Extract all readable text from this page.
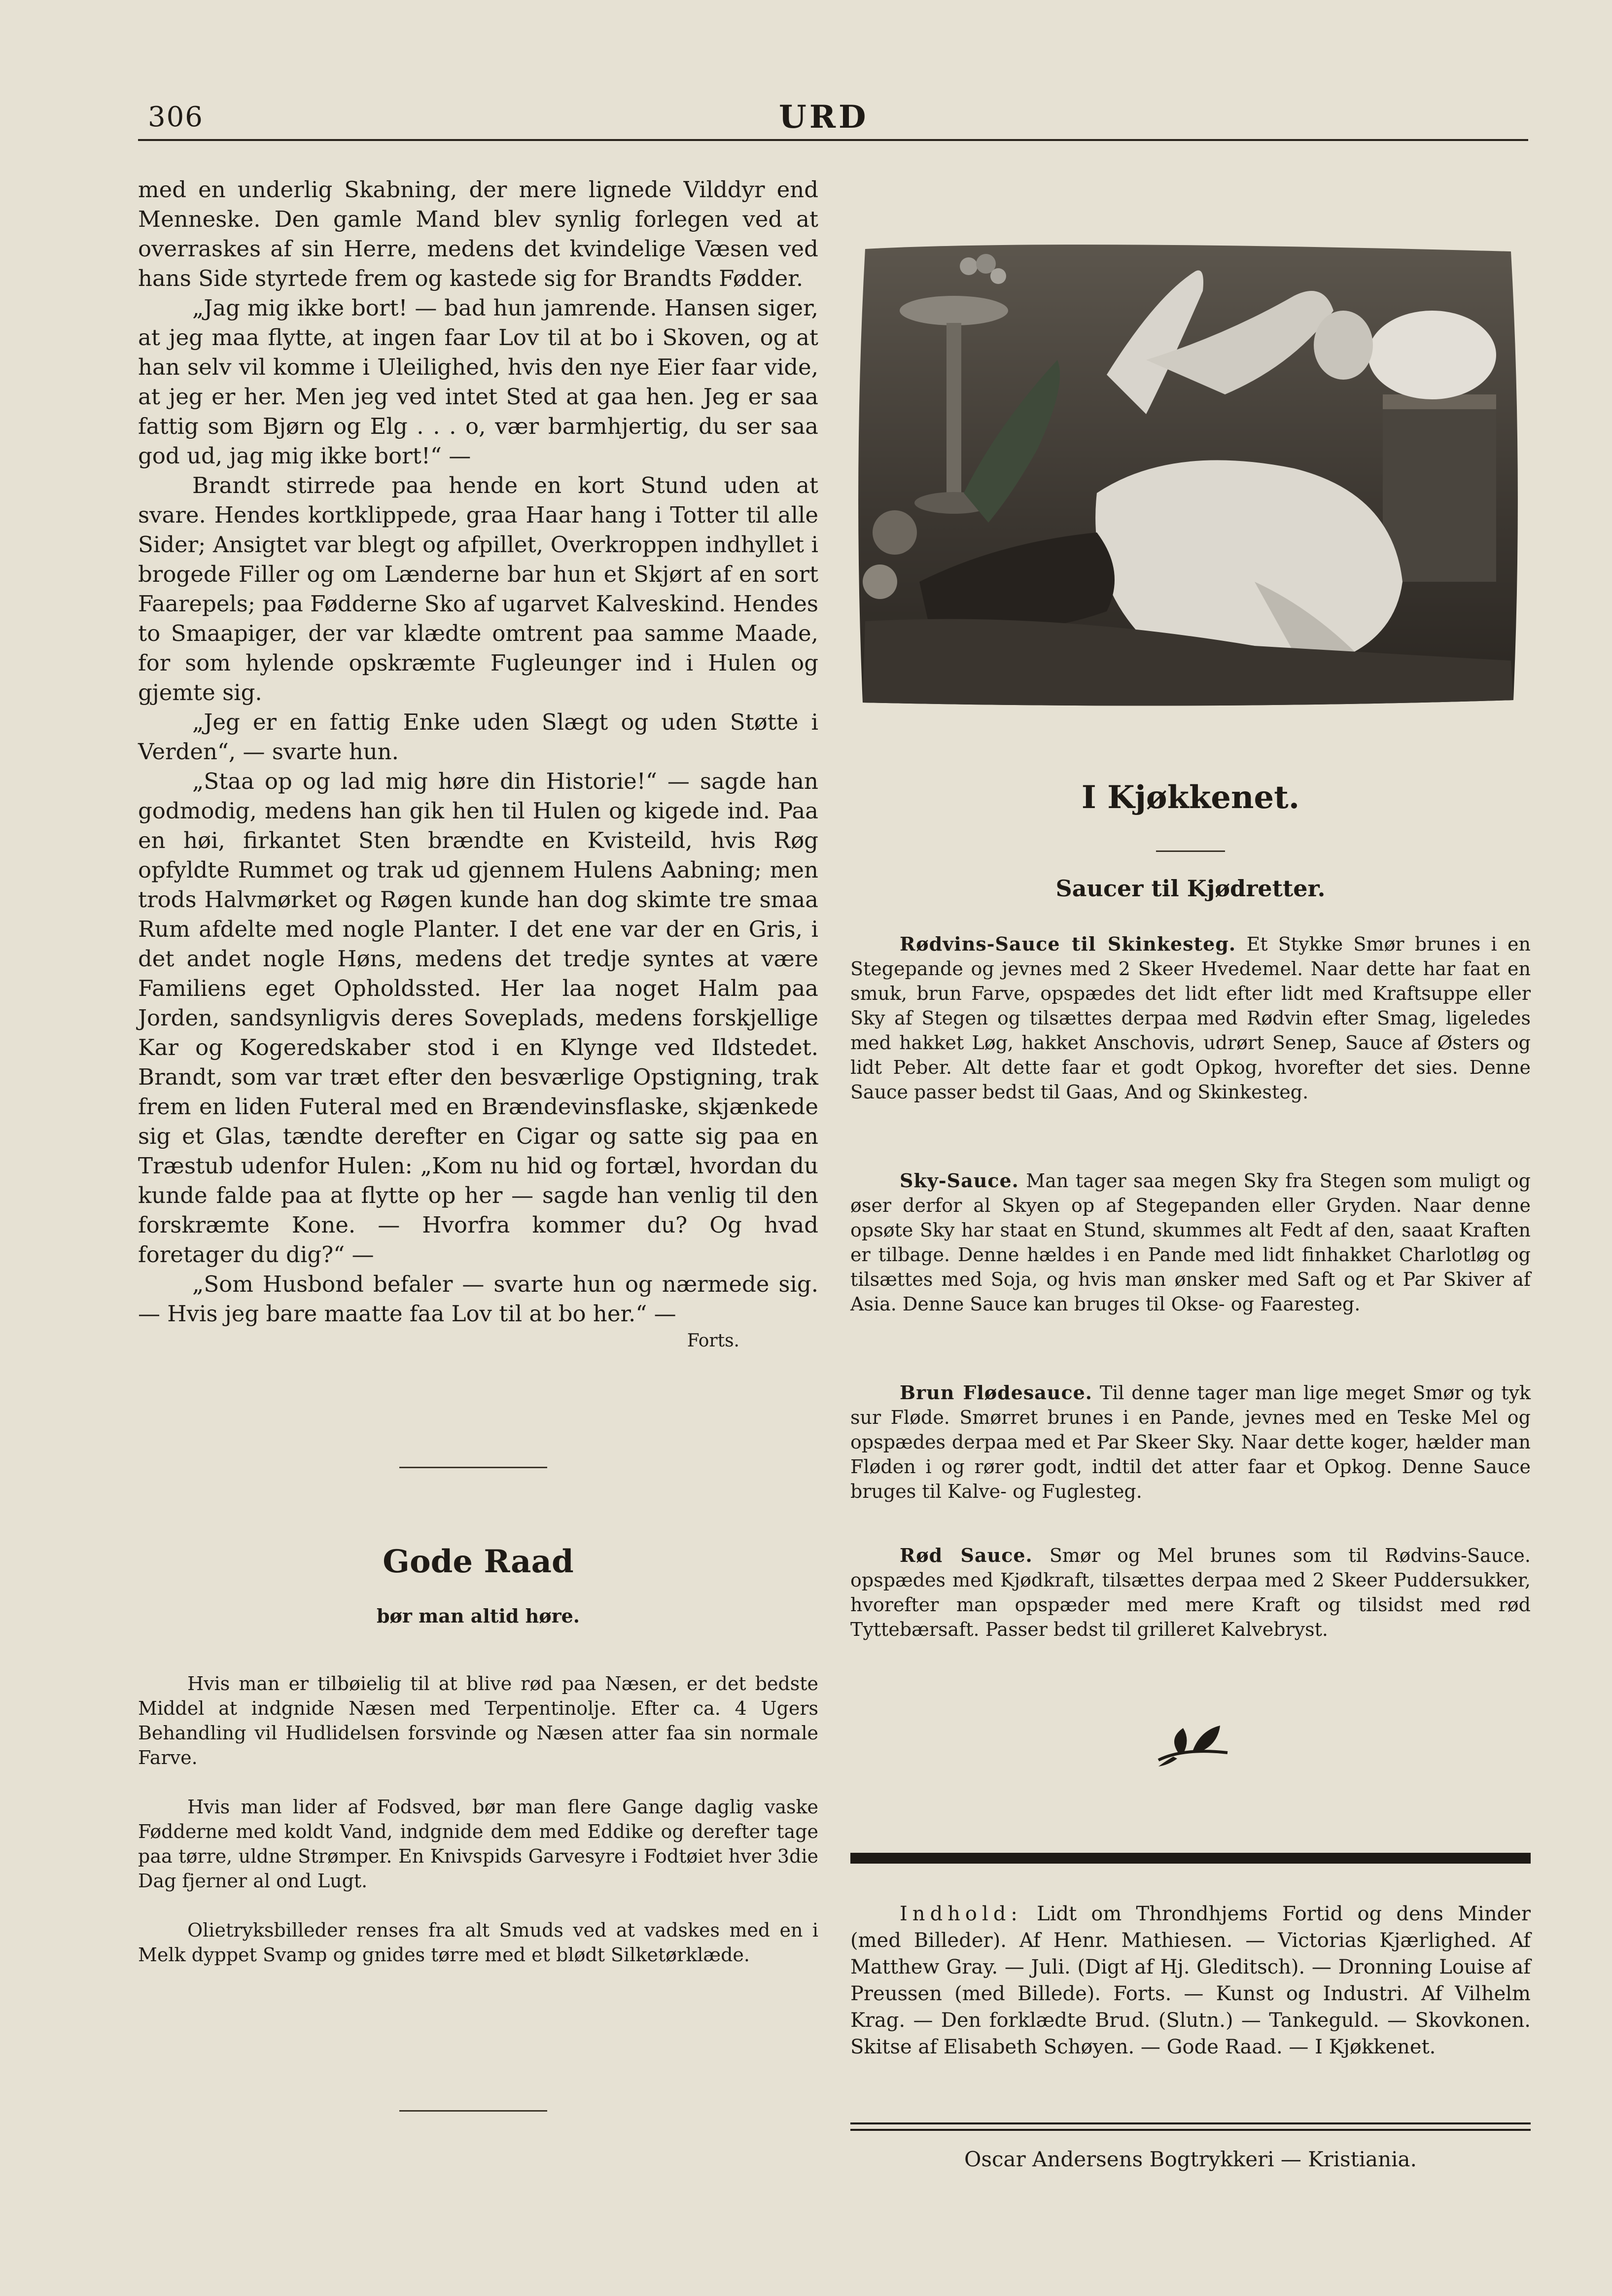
306	URD

med en underlig Skabning, der mere lignede Vilddyr end Menneske. Den gamle Mand blev synlig forlegen ved at overraskes af sin Herre, medens det kvindelige Væsen ved hans Side styrtede frem og kastede sig for Brandts Fødder.

„Jag mig ikke bort! — bad hun jamrende. Hansen siger, at jeg maa flytte, at ingen faar Lov til at bo i Skoven, og at han selv vil komme i Uleilighed, hvis den nye Eier faar vide, at jeg er her. Men jeg ved intet Sted at gaa hen. Jeg er saa fattig som Bjørn og Elg . . . o, vær barmhjertig, du ser saa god ud, jag mig ikke bort!“ —

Brandt stirrede paa hende en kort Stund uden at svare. Hendes kortklippede, graa Haar hang i Totter til alle Sider; Ansigtet var blegt og afpillet, Overkroppen indhyllet i brogede Filler og om Lænderne bar hun et Skjørt af en sort Faarepels; paa Fødderne Sko af ugarvet Kalveskind. Hendes to Smaapiger, der var klædte omtrent paa samme Maade, for som hylende opskræmte Fugleunger ind i Hulen og gjemte sig.

„Jeg er en fattig Enke uden Slægt og uden Støtte i Verden“, — svarte hun.

„Staa op og lad mig høre din Historie!“ — sagde han godmodig, medens han gik hen til Hulen og kigede ind. Paa en høi, firkantet Sten brændte en Kvisteild, hvis Røg opfyldte Rummet og trak ud gjennem Hulens Aabning; men trods Halvmørket og Røgen kunde han dog skimte tre smaa Rum afdelte med nogle Planter. I det ene var der en Gris, i det andet nogle Høns, medens det tredje syntes at være Familiens eget Opholdssted. Her laa noget Halm paa Jorden, sandsynligvis deres Soveplads, medens forskjellige Kar og Kogeredskaber stod i en Klynge ved Ildstedet. Brandt, som var træt efter den besværlige Opstigning, trak frem en liden Futeral med en Brændevinsflaske, skjænkede sig et Glas, tændte derefter en Cigar og satte sig paa en Træstub udenfor Hulen: „Kom nu hid og fortæl, hvordan du kunde falde paa at flytte op her — sagde han venlig til den forskræmte Kone. — Hvorfra kommer du? Og hvad foretager du dig?“ —

„Som Husbond befaler — svarte hun og nærmede sig. — Hvis jeg bare maatte faa Lov til at bo her.“ —

Forts.
Gode Raad
bør man altid høre.

Hvis man er tilbøielig til at blive rød paa Næsen, er det bedste Middel at indgnide Næsen med Terpentinolje. Efter ca. 4 Ugers Behandling vil Hudlidelsen forsvinde og Næsen atter faa sin normale Farve.

Hvis man lider af Fodsved, bør man flere Gange daglig vaske Fødderne med koldt Vand, indgnide dem med Eddike og derefter tage paa tørre, uldne Strømper. En Knivspids Garvesyre i Fodtøiet hver 3die Dag fjerner al ond Lugt.

Olietryksbilleder renses fra alt Smuds ved at vadskes med en i Melk dyppet Svamp og gnides tørre med et blødt Silketørklæde.

I Kjøkkenet.
Saucer til Kjødretter.

Rødvins-Sauce til Skinkesteg. Et Stykke Smør brunes i en Stegepande og jevnes med 2 Skeer Hvedemel. Naar dette har faat en smuk, brun Farve, opspædes det lidt efter lidt med Kraftsuppe eller Sky af Stegen og tilsættes derpaa med Rødvin efter Smag, ligeledes med hakket Løg, hakket Anschovis, udrørt Senep, Sauce af Østers og lidt Peber. Alt dette faar et godt Opkog, hvorefter det sies. Denne Sauce passer bedst til Gaas, And og Skinkesteg.

Sky-Sauce. Man tager saa megen Sky fra Stegen som muligt og øser derfor al Skyen op af Stegepanden eller Gryden. Naar denne opsøte Sky har staat en Stund, skummes alt Fedt af den, saaat Kraften er tilbage. Denne hældes i en Pande med lidt finhakket Charlotløg og tilsættes med Soja, og hvis man ønsker med Saft og et Par Skiver af Asia. Denne Sauce kan bruges til Okse- og Faaresteg.

Brun Flødesauce. Til denne tager man lige meget Smør og tyk sur Fløde. Smørret brunes i en Pande, jevnes med en Teske Mel og opspædes derpaa med et Par Skeer Sky. Naar dette koger, hælder man Fløden i og rører godt, indtil det atter faar et Opkog. Denne Sauce bruges til Kalve- og Fuglesteg.

Rød Sauce. Smør og Mel brunes som til Rødvins-Sauce. opspædes med Kjødkraft, tilsættes derpaa med 2 Skeer Puddersukker, hvorefter man opspæder med mere Kraft og tilsidst med rød Tyttebærsaft. Passer bedst til grilleret Kalvebryst.

Indhold: Lidt om Throndhjems Fortid og dens Minder (med Billeder). Af Henr. Mathiesen. — Victorias Kjærlighed. Af Matthew Gray. — Juli. (Digt af Hj. Gleditsch). — Dronning Louise af Preussen (med Billede). Forts. — Kunst og Industri. Af Vilhelm Krag. — Den forklædte Brud. (Slutn.) — Tankeguld. — Skovkonen. Skitse af Elisabeth Schøyen. — Gode Raad. — I Kjøkkenet.

Oscar Andersens Bogtrykkeri — Kristiania.
